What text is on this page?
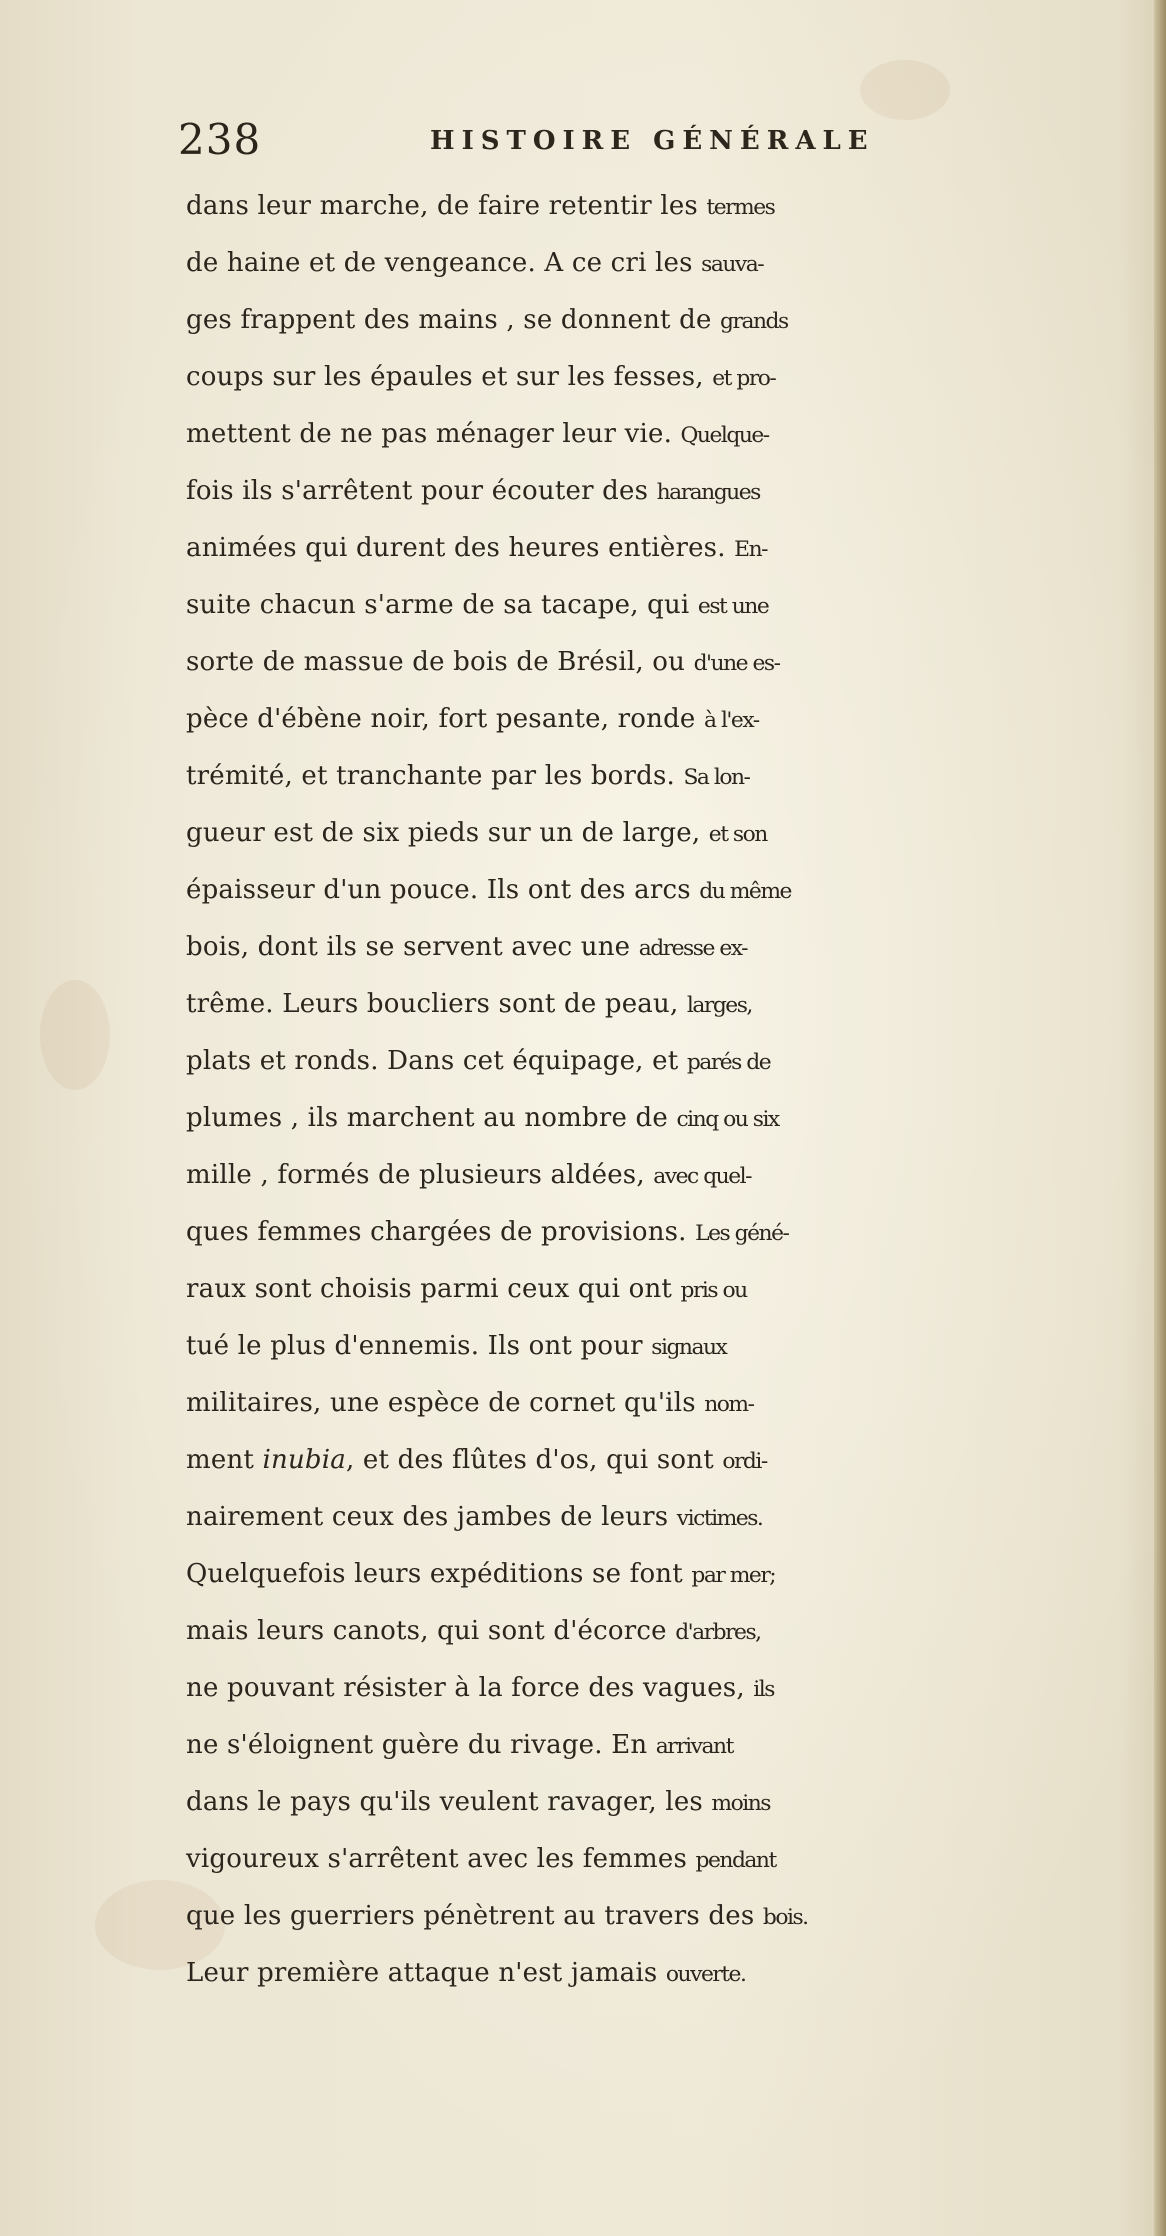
238	HISTOIRE GÉNÉRALE
dans leur marche, de faire retentir les termes
de haine et de vengeance. A ce cri les sauva-
ges frappent des mains , se donnent de grands
coups sur les épaules et sur les fesses, et pro-
mettent de ne pas ménager leur vie. Quelque-
fois ils s'arrêtent pour écouter des harangues
animées qui durent des heures entières. En-
suite chacun s'arme de sa tacape, qui est une
sorte de massue de bois de Brésil, ou d'une es-
pèce d'ébène noir, fort pesante, ronde à l'ex-
trémité, et tranchante par les bords. Sa lon-
gueur est de six pieds sur un de large, et son
épaisseur d'un pouce. Ils ont des arcs du même
bois, dont ils se servent avec une adresse ex-
trême. Leurs boucliers sont de peau, larges,
plats et ronds. Dans cet équipage, et parés de
plumes , ils marchent au nombre de cinq ou six
mille , formés de plusieurs aldées, avec quel-
ques femmes chargées de provisions. Les géné-
raux sont choisis parmi ceux qui ont pris ou
tué le plus d'ennemis. Ils ont pour signaux
militaires, une espèce de cornet qu'ils nom-
ment inubia, et des flûtes d'os, qui sont ordi-
nairement ceux des jambes de leurs victimes.
Quelquefois leurs expéditions se font par mer;
mais leurs canots, qui sont d'écorce d'arbres,
ne pouvant résister à la force des vagues, ils
ne s'éloignent guère du rivage. En arrivant
dans le pays qu'ils veulent ravager, les moins
vigoureux s'arrêtent avec les femmes pendant
que les guerriers pénètrent au travers des bois.
Leur première attaque n'est jamais ouverte.
